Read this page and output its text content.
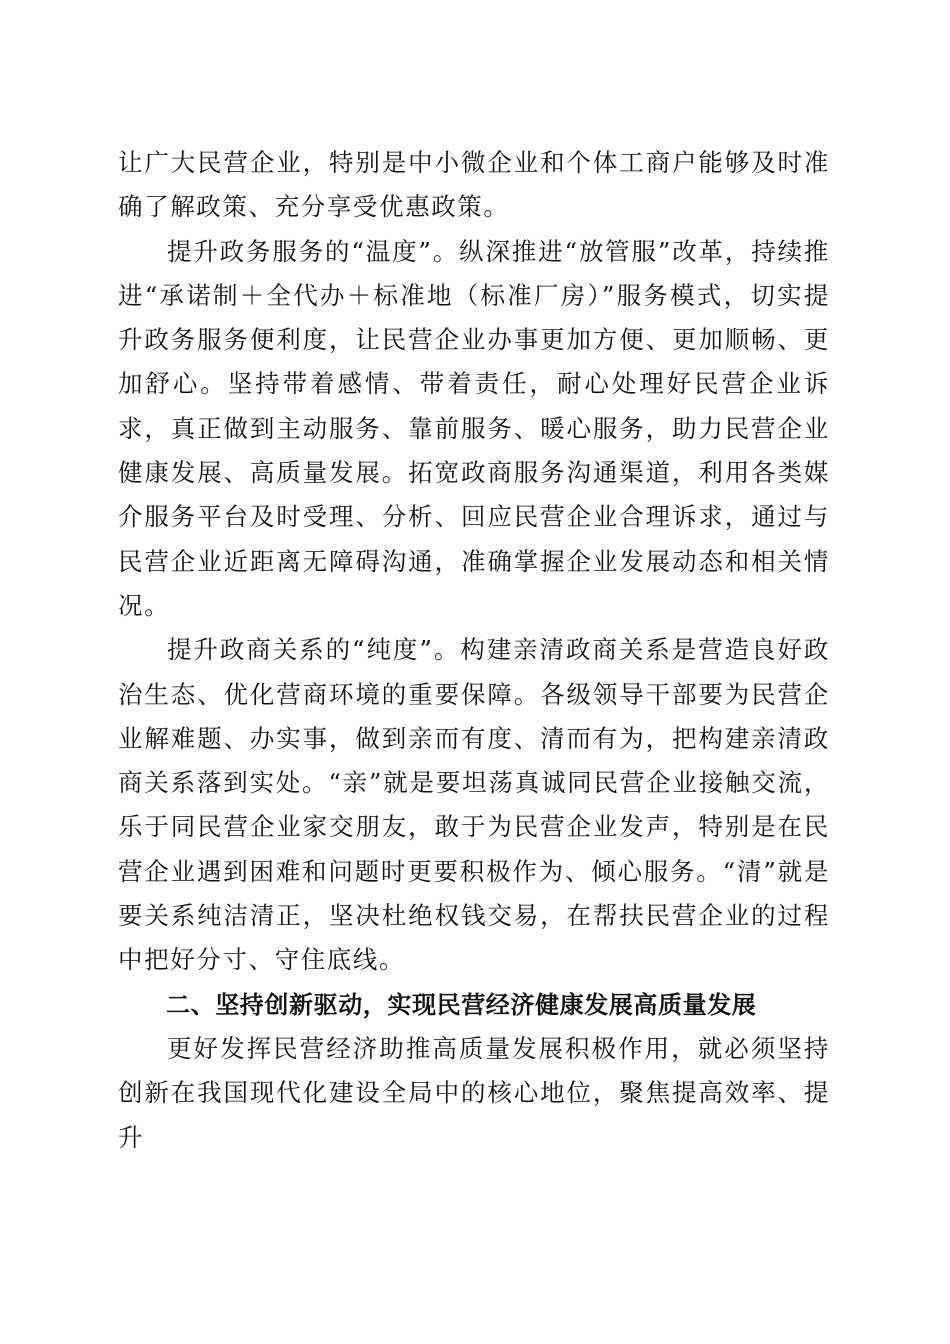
让广大民营企业，特别是中小微企业和个体工商户能够及时准确了解政策、充分享受优惠政策。

提升政务服务的“温度”。纵深推进“放管服”改革，持续推进“承诺制＋全代办＋标准地（标准厂房）”服务模式，切实提升政务服务便利度，让民营企业办事更加方便、更加顺畅、更加舒心。坚持带着感情、带着责任，耐心处理好民营企业诉求，真正做到主动服务、靠前服务、暖心服务，助力民营企业健康发展、高质量发展。拓宽政商服务沟通渠道，利用各类媒介服务平台及时受理、分析、回应民营企业合理诉求，通过与民营企业近距离无障碍沟通，准确掌握企业发展动态和相关情况。

提升政商关系的“纯度”。构建亲清政商关系是营造良好政治生态、优化营商环境的重要保障。各级领导干部要为民营企业解难题、办实事，做到亲而有度、清而有为，把构建亲清政商关系落到实处。“亲”就是要坦荡真诚同民营企业接触交流，乐于同民营企业家交朋友，敢于为民营企业发声，特别是在民营企业遇到困难和问题时更要积极作为、倾心服务。“清”就是要关系纯洁清正，坚决杜绝权钱交易，在帮扶民营企业的过程中把好分寸、守住底线。

二、坚持创新驱动，实现民营经济健康发展高质量发展

更好发挥民营经济助推高质量发展积极作用，就必须坚持创新在我国现代化建设全局中的核心地位，聚焦提高效率、提升
